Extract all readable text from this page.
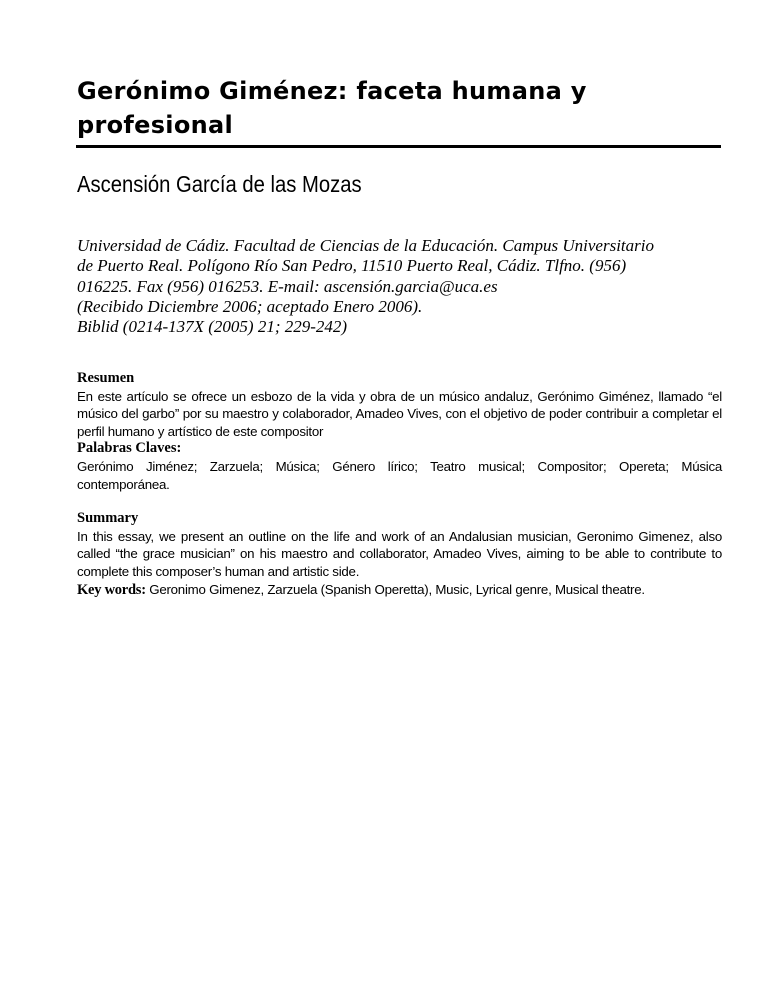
Gerónimo Giménez: faceta humana y profesional
Ascensión García de las Mozas
Universidad de Cádiz. Facultad de Ciencias de la Educación. Campus Universitario
de Puerto Real. Polígono Río San Pedro, 11510 Puerto Real, Cádiz. Tlfno. (956)
016225. Fax (956) 016253. E-mail: ascensión.garcia@uca.es
(Recibido Diciembre 2006; aceptado Enero 2006).
Biblid (0214-137X (2005) 21; 229-242)
Resumen
En este artículo se ofrece un esbozo de la vida y obra de un músico andaluz, Gerónimo Giménez, llamado “el músico del garbo” por su maestro y colaborador, Amadeo Vives, con el objetivo de poder contribuir a completar el perfil humano y artístico de este compositor
Palabras Claves:
Gerónimo Jiménez; Zarzuela; Música; Género lírico; Teatro musical; Compositor; Opereta; Música contemporánea.
Summary
In this essay, we present an outline on the life and work of an Andalusian musician, Geronimo Gimenez, also called “the grace musician” on his maestro and collaborator, Amadeo Vives, aiming to be able to contribute to complete this composer’s human and artistic side.
Key words: Geronimo Gimenez, Zarzuela (Spanish Operetta), Music, Lyrical genre, Musical theatre.
